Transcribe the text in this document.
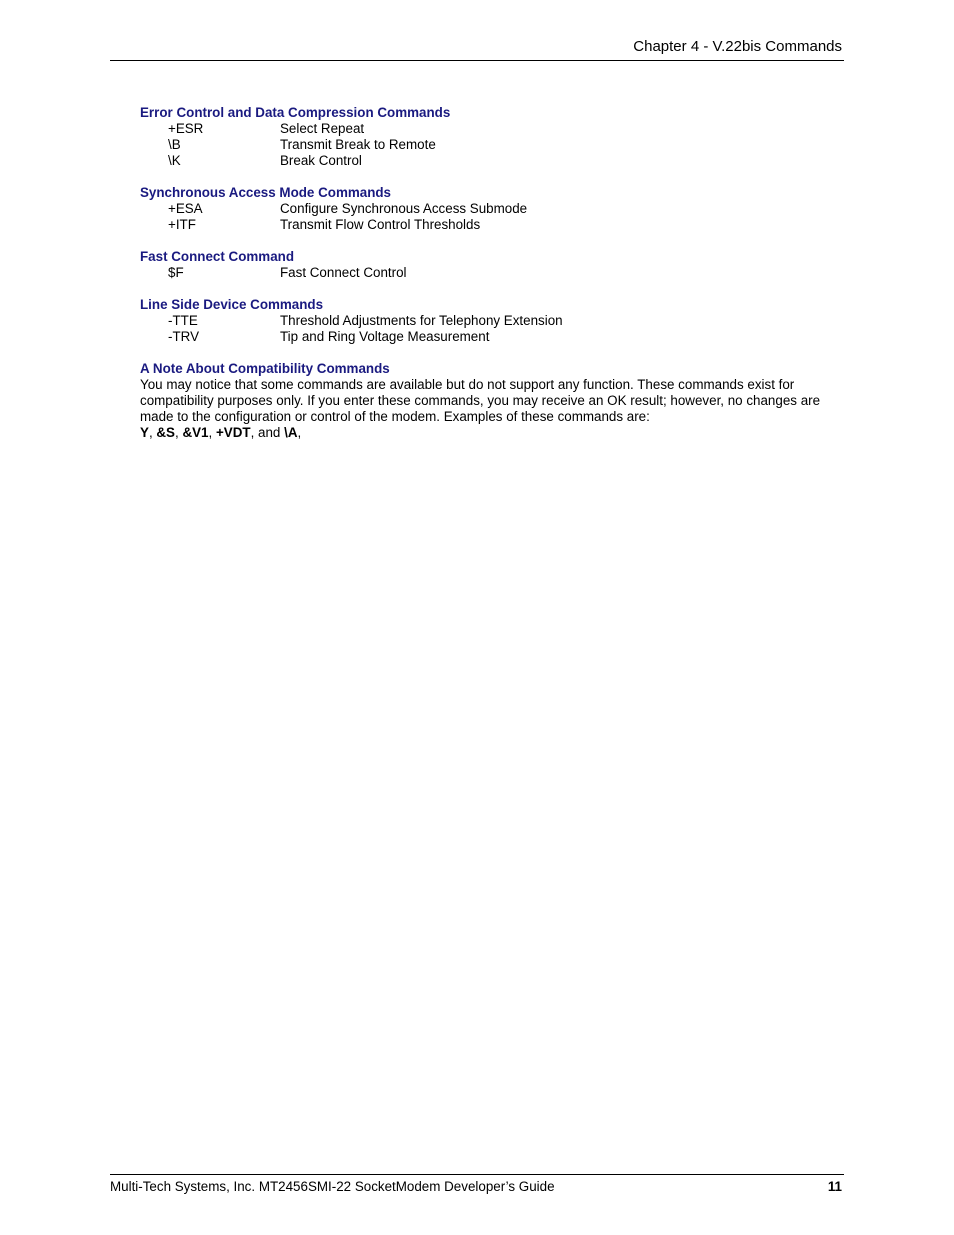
Chapter 4 - V.22bis Commands

Error Control and Data Compression Commands

+ESR	Select Repeat
\B	Transmit Break to Remote
\K	Break Control

Synchronous Access Mode Commands

+ESA	Configure Synchronous Access Submode
+ITF	Transmit Flow Control Thresholds

Fast Connect Command

$F	Fast Connect Control

Line Side Device Commands

-TTE	Threshold Adjustments for Telephony Extension
-TRV	Tip and Ring Voltage Measurement

A Note About Compatibility Commands

You may notice that some commands are available but do not support any function. These commands exist for compatibility purposes only. If you enter these commands, you may receive an OK result; however, no changes are made to the configuration or control of the modem. Examples of these commands are:

Y, &S, &V1, +VDT, and \A,

Multi-Tech Systems, Inc. MT2456SMI-22 SocketModem Developer’s Guide	11
